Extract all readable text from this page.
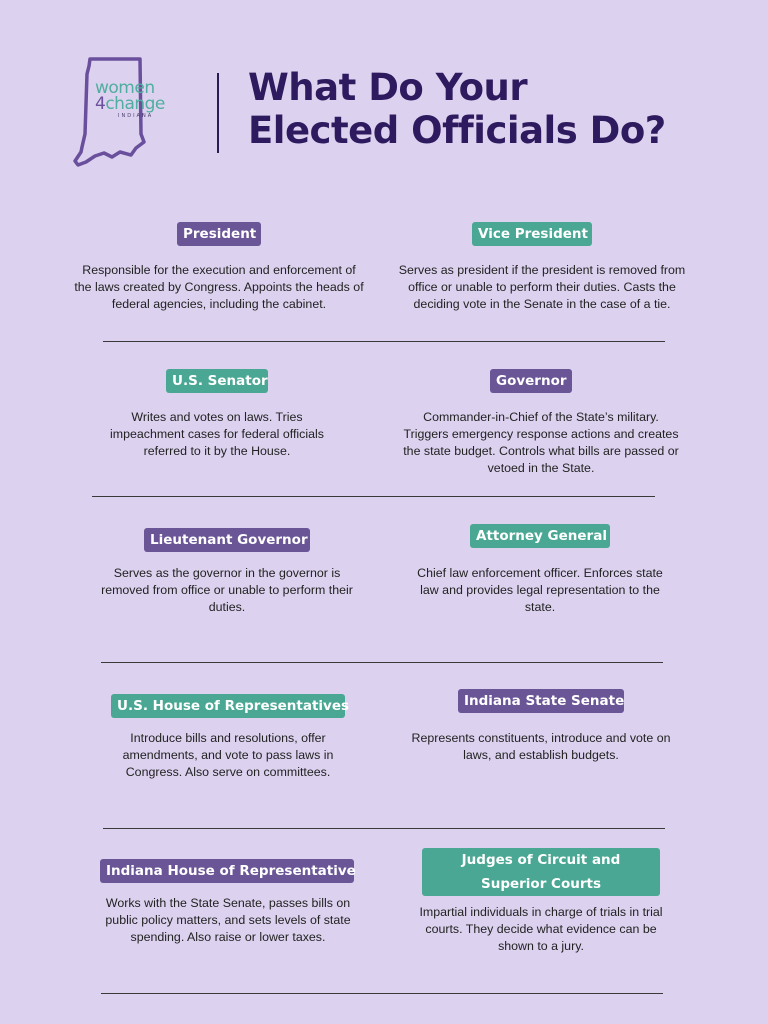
women
4change
INDIANA
What Do Your
Elected Officials Do?
President
Responsible for the execution and enforcement of the laws created by Congress. Appoints the heads of federal agencies, including the cabinet.
Vice President
Serves as president if the president is removed from office or unable to perform their duties. Casts the deciding vote in the Senate in the case of a tie.
U.S. Senator
Writes and votes on laws. Tries impeachment cases for federal officials referred to it by the House.
Governor
Commander-in-Chief of the State’s military. Triggers emergency response actions and creates the state budget. Controls what bills are passed or vetoed in the State.
Lieutenant Governor
Serves as the governor in the governor is removed from office or unable to perform their duties.
Attorney General
Chief law enforcement officer. Enforces state law and provides legal representation to the state.
U.S. House of Representatives
Introduce bills and resolutions, offer amendments, and vote to pass laws in Congress. Also serve on committees.
Indiana State Senate
Represents constituents, introduce and vote on laws, and establish budgets.
Indiana House of Representative
Works with the State Senate, passes bills on public policy matters, and sets levels of state spending. Also raise or lower taxes.
Judges of Circuit and Superior Courts
Impartial individuals in charge of trials in trial courts. They decide what evidence can be shown to a jury.
